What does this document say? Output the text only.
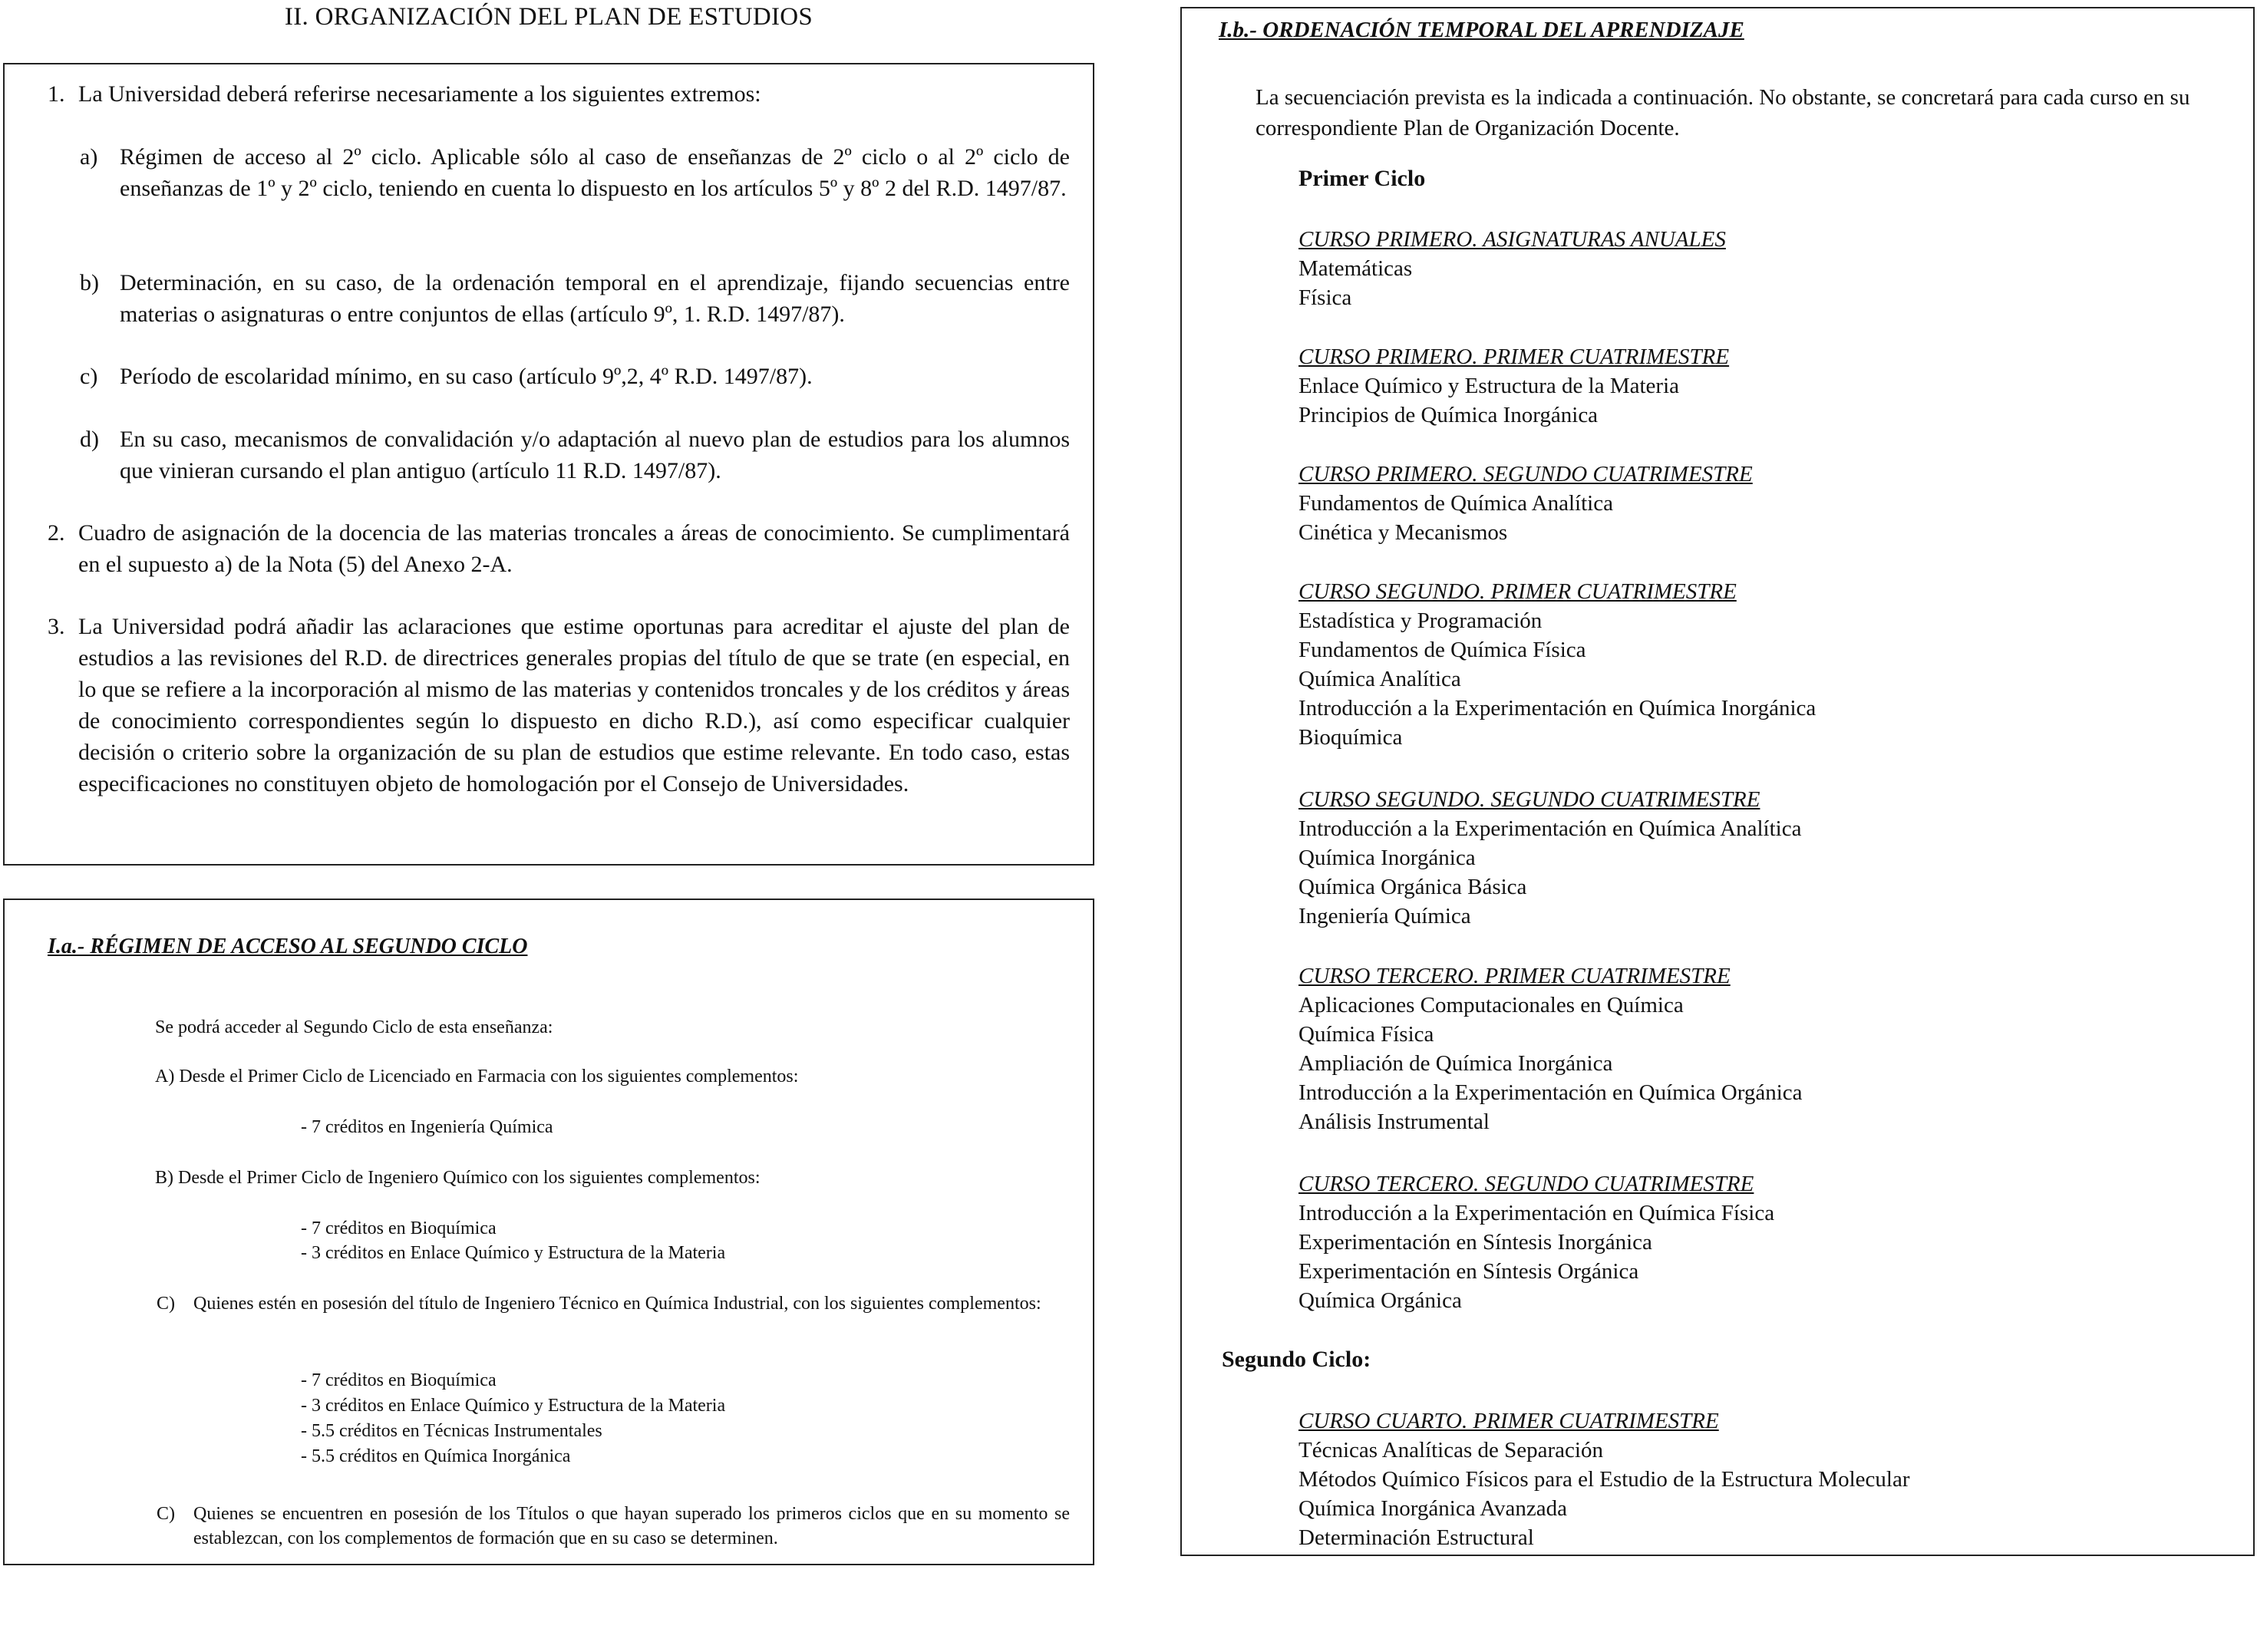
II. ORGANIZACIÓN DEL PLAN DE ESTUDIOS
1. La Universidad deberá referirse necesariamente a los siguientes extremos:
a) Régimen de acceso al 2º ciclo. Aplicable sólo al caso de enseñanzas de 2º ciclo o al 2º ciclo de enseñanzas de 1º y 2º ciclo, teniendo en cuenta lo dispuesto en los artículos 5º y 8º 2 del R.D. 1497/87.
b) Determinación, en su caso, de la ordenación temporal en el aprendizaje, fijando secuencias entre materias o asignaturas o entre conjuntos de ellas (artículo 9º, 1. R.D. 1497/87).
c) Período de escolaridad mínimo, en su caso (artículo 9º,2, 4º R.D. 1497/87).
d) En su caso, mecanismos de convalidación y/o adaptación al nuevo plan de estudios para los alumnos que vinieran cursando el plan antiguo (artículo 11 R.D. 1497/87).
2. Cuadro de asignación de la docencia de las materias troncales a áreas de conocimiento. Se cumplimentará en el supuesto a) de la Nota (5) del Anexo 2-A.
3. La Universidad podrá añadir las aclaraciones que estime oportunas para acreditar el ajuste del plan de estudios a las revisiones del R.D. de directrices generales propias del título de que se trate (en especial, en lo que se refiere a la incorporación al mismo de las materias y contenidos troncales y de los créditos y áreas de conocimiento correspondientes según lo dispuesto en dicho R.D.), así como especificar cualquier decisión o criterio sobre la organización de su plan de estudios que estime relevante. En todo caso, estas especificaciones no constituyen objeto de homologación por el Consejo de Universidades.
I.a.- RÉGIMEN DE ACCESO AL SEGUNDO CICLO
Se podrá acceder al Segundo Ciclo de esta enseñanza:
A) Desde el Primer Ciclo de Licenciado en Farmacia con los siguientes complementos:
- 7 créditos en Ingeniería Química
B) Desde el Primer Ciclo de Ingeniero Químico con los siguientes complementos:
- 7 créditos en Bioquímica
- 3 créditos en Enlace Químico y Estructura de la Materia
C) Quienes estén en posesión del título de Ingeniero Técnico en Química Industrial, con los siguientes complementos:
- 7 créditos en Bioquímica
- 3 créditos en Enlace Químico y Estructura de la Materia
- 5.5 créditos en Técnicas Instrumentales
- 5.5 créditos en Química Inorgánica
C) Quienes se encuentren en posesión de los Títulos o que hayan superado los primeros ciclos que en su momento se establezcan, con los complementos de formación que en su caso se determinen.
I.b.- ORDENACIÓN TEMPORAL DEL APRENDIZAJE
La secuenciación prevista es la indicada a continuación. No obstante, se concretará para cada curso en su correspondiente Plan de Organización Docente.
Primer Ciclo
CURSO PRIMERO. ASIGNATURAS ANUALES
Matemáticas
Física
CURSO PRIMERO. PRIMER CUATRIMESTRE
Enlace Químico y Estructura de la Materia
Principios de Química Inorgánica
CURSO PRIMERO. SEGUNDO CUATRIMESTRE
Fundamentos de Química Analítica
Cinética y Mecanismos
CURSO SEGUNDO. PRIMER CUATRIMESTRE
Estadística y Programación
Fundamentos de Química Física
Química Analítica
Introducción a la Experimentación en Química Inorgánica
Bioquímica
CURSO SEGUNDO. SEGUNDO CUATRIMESTRE
Introducción a la Experimentación en Química Analítica
Química Inorgánica
Química Orgánica Básica
Ingeniería Química
CURSO TERCERO. PRIMER CUATRIMESTRE
Aplicaciones Computacionales en Química
Química Física
Ampliación de Química Inorgánica
Introducción a la Experimentación en Química Orgánica
Análisis Instrumental
CURSO TERCERO. SEGUNDO CUATRIMESTRE
Introducción a la Experimentación en Química Física
Experimentación en Síntesis Inorgánica
Experimentación en Síntesis Orgánica
Química Orgánica
Segundo Ciclo:
CURSO CUARTO. PRIMER CUATRIMESTRE
Técnicas Analíticas de Separación
Métodos Químico Físicos para el Estudio de la Estructura Molecular
Química Inorgánica Avanzada
Determinación Estructural
